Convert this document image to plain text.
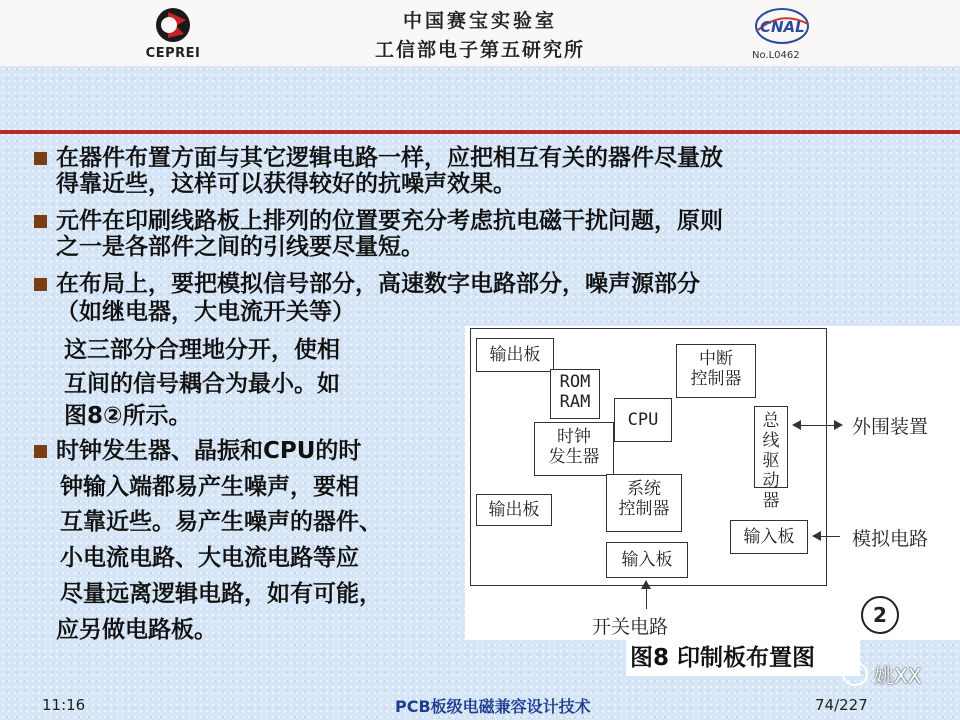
CEPREI
中国赛宝实验室
工信部电子第五研究所
CNAL
No.L0462
在器件布置方面与其它逻辑电路一样，应把相互有关的器件尽量放
得靠近些，这样可以获得较好的抗噪声效果。
元件在印刷线路板上排列的位置要充分考虑抗电磁干扰问题，原则
之一是各部件之间的引线要尽量短。
在布局上，要把模拟信号部分，高速数字电路部分，噪声源部分
（如继电器，大电流开关等）
这三部分合理地分开，使相
互间的信号耦合为最小。如
图8②所示。
时钟发生器、晶振和CPU的时
钟输入端都易产生噪声，要相
互靠近些。易产生噪声的器件、
小电流电路、大电流电路等应
尽量远离逻辑电路，如有可能，
应另做电路板。
输出板
ROM
RAM
中断
控制器
CPU	总线
驱动
器
时钟
发生器
输出板
系统
控制器
输入板
输入板
外围装置
模拟电路
开关电路	2
图8 印制板布置图
姚XX
11:16	PCB板级电磁兼容设计技术	74/227
